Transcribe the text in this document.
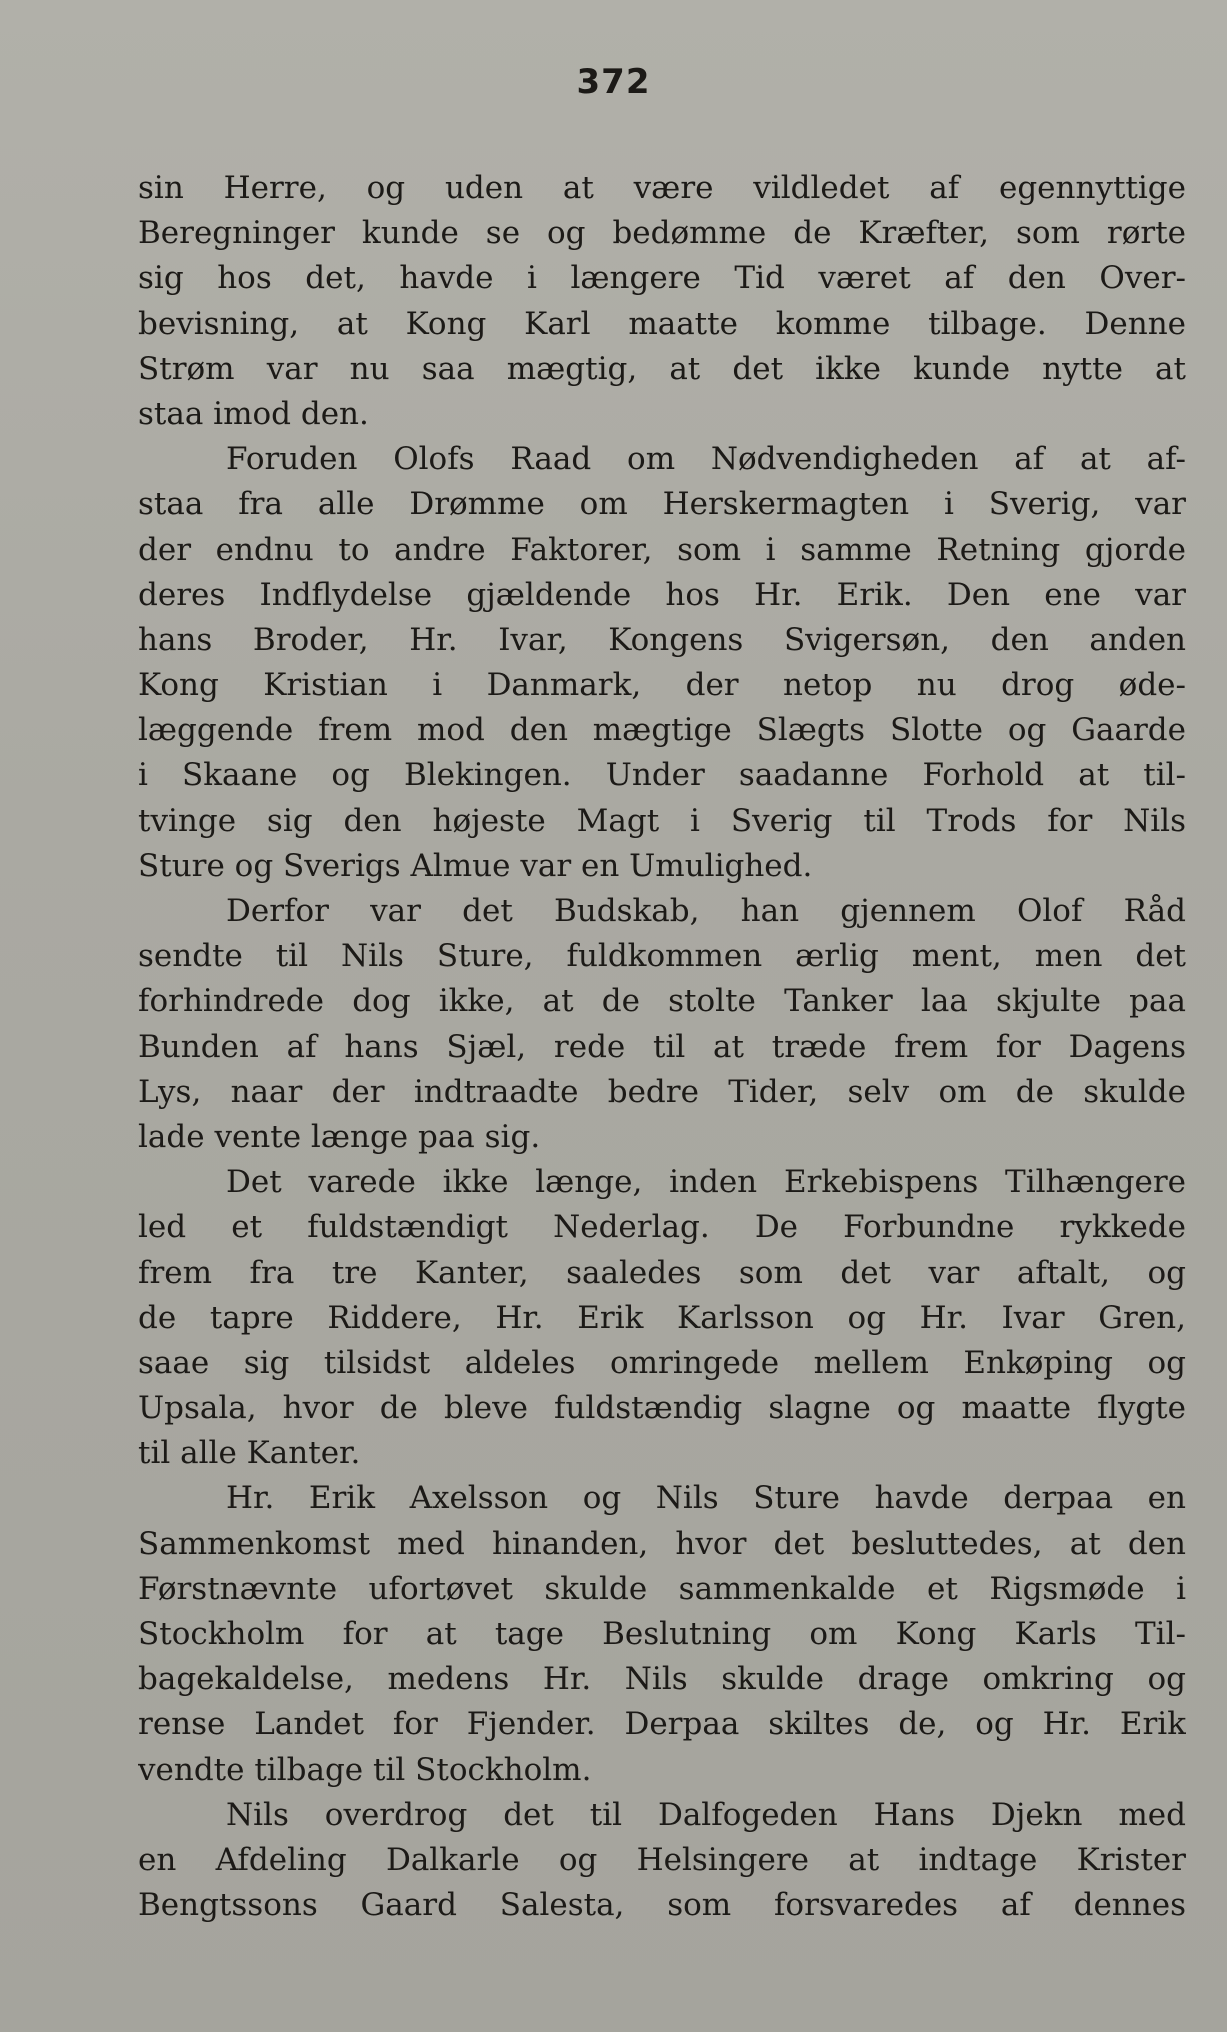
372
sin Herre, og uden at være vildledet af egennyttige
Beregninger kunde se og bedømme de Kræfter, som rørte
sig hos det, havde i længere Tid været af den Over-
bevisning, at Kong Karl maatte komme tilbage. Denne
Strøm var nu saa mægtig, at det ikke kunde nytte at
staa imod den.
Foruden Olofs Raad om Nødvendigheden af at af-
staa fra alle Drømme om Herskermagten i Sverig, var
der endnu to andre Faktorer, som i samme Retning gjorde
deres Indflydelse gjældende hos Hr. Erik. Den ene var
hans Broder, Hr. Ivar, Kongens Svigersøn, den anden
Kong Kristian i Danmark, der netop nu drog øde-
læggende frem mod den mægtige Slægts Slotte og Gaarde
i Skaane og Blekingen. Under saadanne Forhold at til-
tvinge sig den højeste Magt i Sverig til Trods for Nils
Sture og Sverigs Almue var en Umulighed.
Derfor var det Budskab, han gjennem Olof Råd
sendte til Nils Sture, fuldkommen ærlig ment, men det
forhindrede dog ikke, at de stolte Tanker laa skjulte paa
Bunden af hans Sjæl, rede til at træde frem for Dagens
Lys, naar der indtraadte bedre Tider, selv om de skulde
lade vente længe paa sig.
Det varede ikke længe, inden Erkebispens Tilhængere
led et fuldstændigt Nederlag. De Forbundne rykkede
frem fra tre Kanter, saaledes som det var aftalt, og
de tapre Riddere, Hr. Erik Karlsson og Hr. Ivar Gren,
saae sig tilsidst aldeles omringede mellem Enkøping og
Upsala, hvor de bleve fuldstændig slagne og maatte flygte
til alle Kanter.
Hr. Erik Axelsson og Nils Sture havde derpaa en
Sammenkomst med hinanden, hvor det besluttedes, at den
Førstnævnte ufortøvet skulde sammenkalde et Rigsmøde i
Stockholm for at tage Beslutning om Kong Karls Til-
bagekaldelse, medens Hr. Nils skulde drage omkring og
rense Landet for Fjender. Derpaa skiltes de, og Hr. Erik
vendte tilbage til Stockholm.
Nils overdrog det til Dalfogeden Hans Djekn med
en Afdeling Dalkarle og Helsingere at indtage Krister
Bengtssons Gaard Salesta, som forsvaredes af dennes
